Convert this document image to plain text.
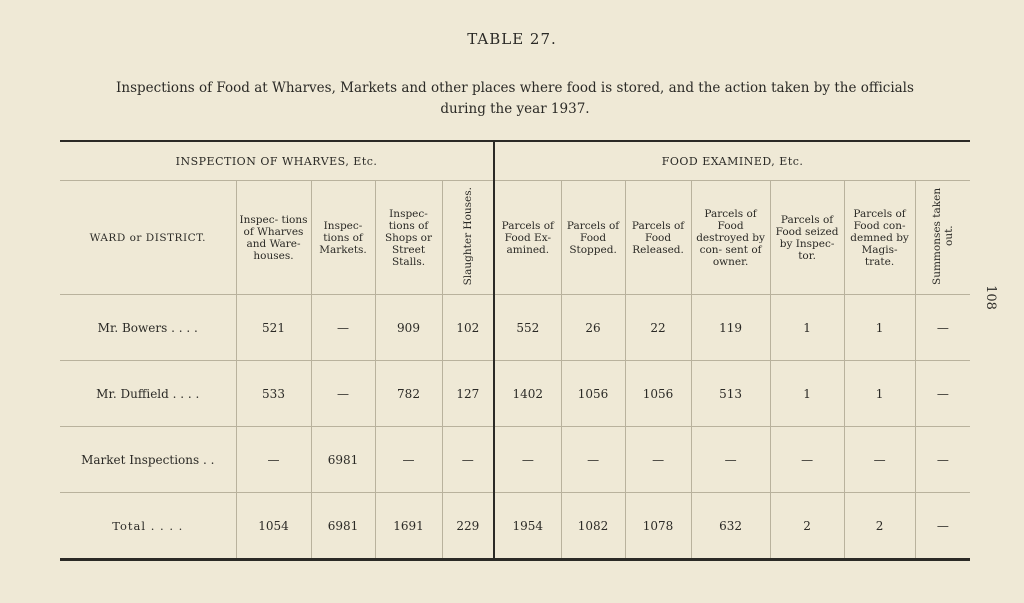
TABLE 27.
Inspections of Food at Wharves, Markets and other places where food is stored, and the action taken by the officials
during the year 1937.
INSPECTION OF WHARVES, Etc.					FOOD EXAMINED, Etc.						
WARD or DISTRICT.	Inspec- tions of Wharves and Ware- houses.	Inspec- tions of Markets.	Inspec- tions of Shops or Street Stalls.	Slaughter Houses.	Parcels of Food Ex- amined.	Parcels of Food Stopped.	Parcels of Food Released.	Parcels of Food destroyed by con- sent of owner.	Parcels of Food seized by Inspec- tor.	Parcels of Food con- demned by Magis- trate.	Summonses taken out.
Mr. Bowers . . . .	521	—	909	102	552	26	22	119	1	1	—
Mr. Duffield . . . .	533	—	782	127	1402	1056	1056	513	1	1	—
Market Inspections . .	—	6981	—	—	—	—	—	—	—	—	—
Total . . . .	1054	6981	1691	229	1954	1082	1078	632	2	2	—
108
